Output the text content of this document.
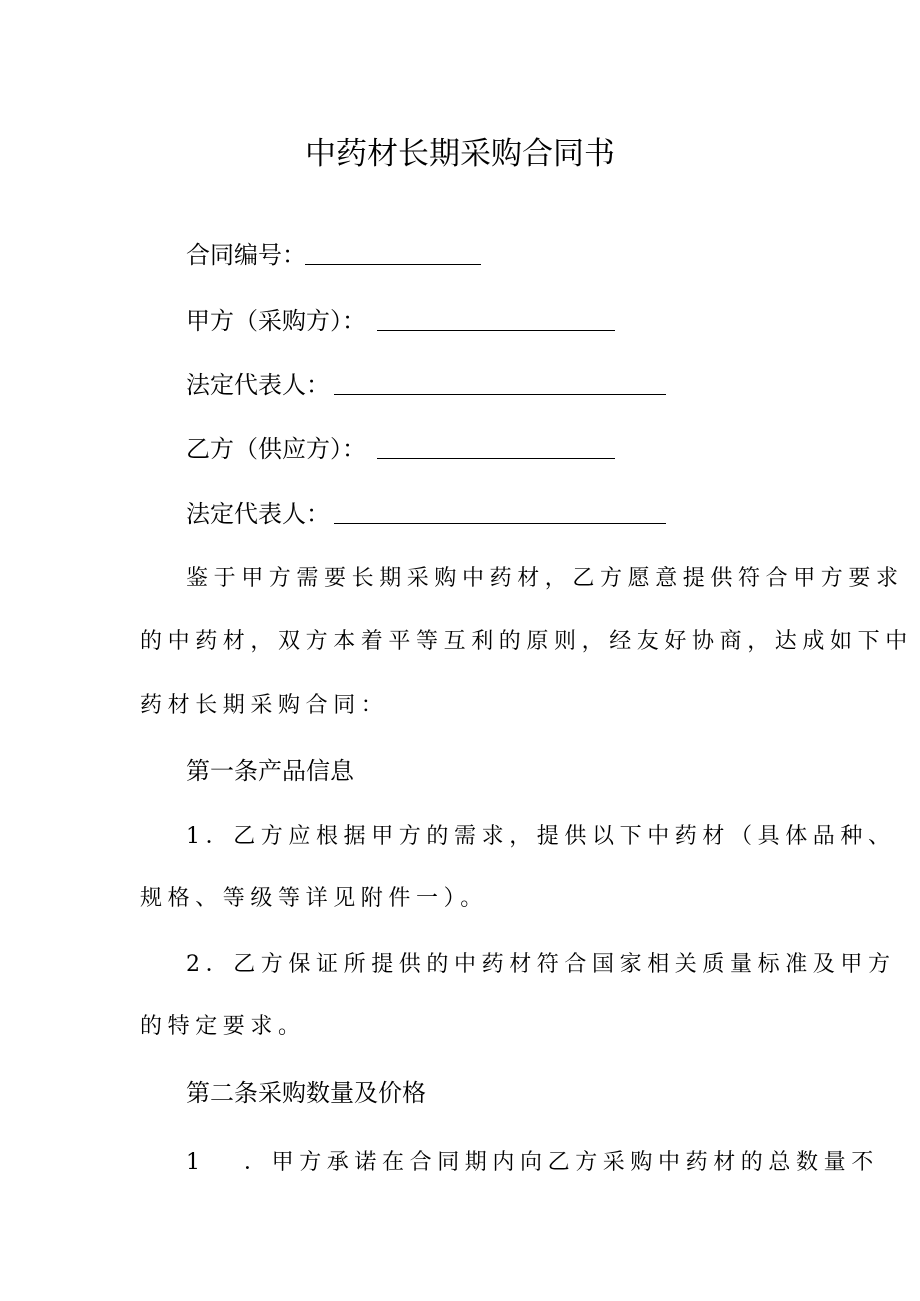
中药材长期采购合同书
合同编号：
甲方（采购方）：
法定代表人：
乙方（供应方）：
法定代表人：
鉴于甲方需要长期采购中药材，乙方愿意提供符合甲方要求
的中药材，双方本着平等互利的原则，经友好协商，达成如下中
药材长期采购合同：
第一条产品信息
1．乙方应根据甲方的需求，提供以下中药材（具体品种、
规格、等级等详见附件一）。
2．乙方保证所提供的中药材符合国家相关质量标准及甲方
的特定要求。
第二条采购数量及价格
1 ．甲方承诺在合同期内向乙方采购中药材的总数量不
